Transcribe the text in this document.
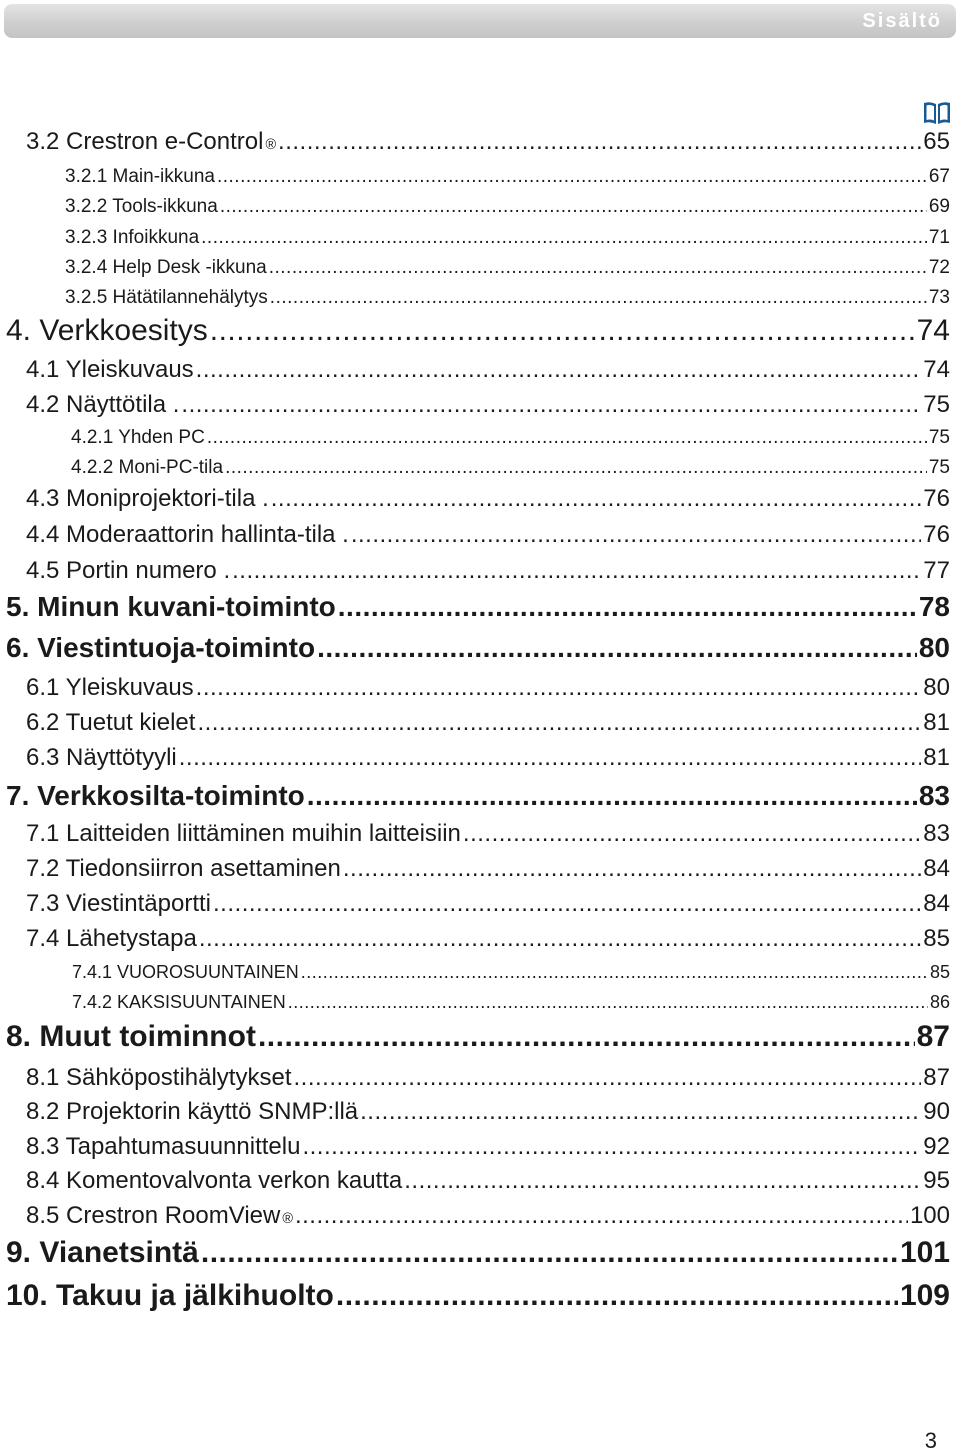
Sisältö
3.2 Crestron e-Control ® .....	65
3.2.1 Main-ikkuna .....	67
3.2.2 Tools-ikkuna .....	69
3.2.3 Infoikkuna .....	71
3.2.4 Help Desk -ikkuna .....	72
3.2.5 Hätätilannehälytys .....	73
4. Verkkoesitys .....	74
4.1 Yleiskuvaus .....	74
4.2 Näyttötila . .....	75
4.2.1 Yhden PC .....	75
4.2.2 Moni-PC-tila .....	75
4.3 Moniprojektori-tila . .....	76
4.4 Moderaattorin hallinta-tila . .....	76
4.5 Portin numero . .....	77
5. Minun kuvani-toiminto .....	78
6. Viestintuoja-toiminto .....	80
6.1 Yleiskuvaus .....	80
6.2 Tuetut kielet .....	81
6.3 Näyttötyyli .....	81
7. Verkkosilta-toiminto .....	83
7.1 Laitteiden liittäminen muihin laitteisiin .....	83
7.2 Tiedonsiirron asettaminen .....	84
7.3 Viestintäportti .....	84
7.4 Lähetystapa .....	85
7.4.1 VUOROSUUNTAINEN .....	85
7.4.2 KAKSISUUNTAINEN .....	86
8. Muut toiminnot .....	87
8.1 Sähköpostihälytykset .....	87
8.2 Projektorin käyttö SNMP:llä .....	90
8.3 Tapahtumasuunnittelu .....	92
8.4 Komentovalvonta verkon kautta .....	95
8.5 Crestron RoomView ® .....	100
9. Vianetsintä .....	101
10. Takuu ja jälkihuolto .....	109
3
